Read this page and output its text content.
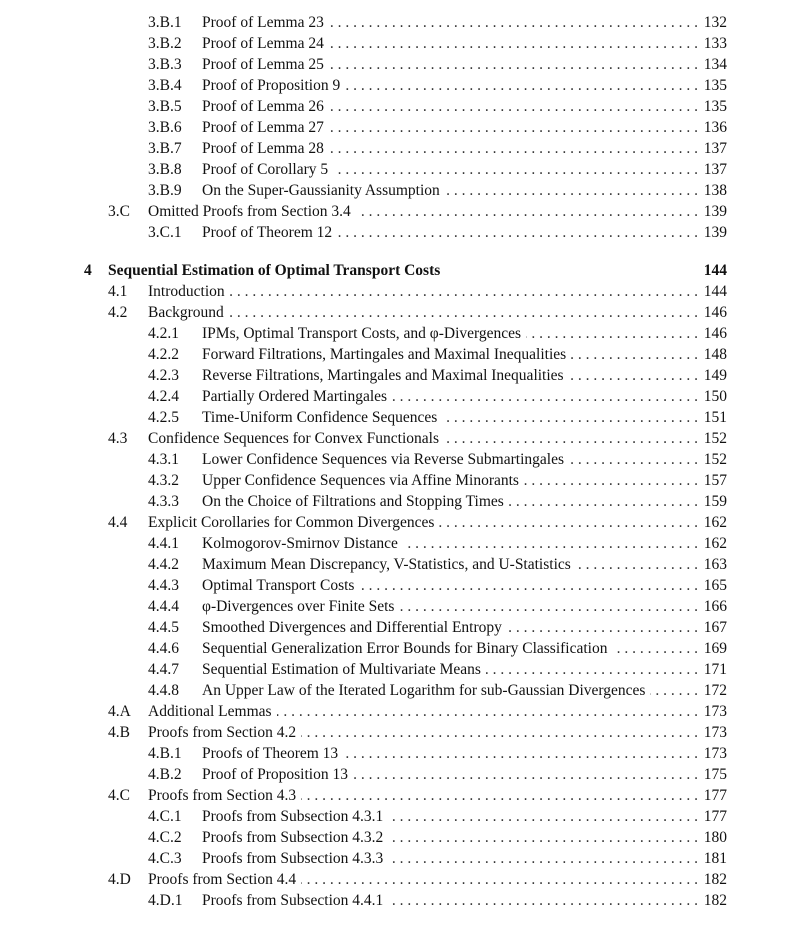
3.B.1 . . . Proof of Lemma 23	132
3.B.2 . . . Proof of Lemma 24	133
3.B.3 . . . Proof of Lemma 25	134
3.B.4 . . . Proof of Proposition 9	135
3.B.5 . . . Proof of Lemma 26	135
3.B.6 . . . Proof of Lemma 27	136
3.B.7 . . . Proof of Lemma 28	137
3.B.8 . . . Proof of Corollary 5	137
3.B.9 . . . On the Super-Gaussianity Assumption	138
3.C . . . Omitted Proofs from Section 3.4	139
3.C.1 . . . Proof of Theorem 12	139
4 Sequential Estimation of Optimal Transport Costs	144
4.1 . . . Introduction	144
4.2 . . . Background	146
4.2.1 . . . IPMs, Optimal Transport Costs, and φ-Divergences	146
4.2.2 . . . Forward Filtrations, Martingales and Maximal Inequalities	148
4.2.3 . . . Reverse Filtrations, Martingales and Maximal Inequalities	149
4.2.4 . . . Partially Ordered Martingales	150
4.2.5 . . . Time-Uniform Confidence Sequences	151
4.3 . . . Confidence Sequences for Convex Functionals	152
4.3.1 . . . Lower Confidence Sequences via Reverse Submartingales	152
4.3.2 . . . Upper Confidence Sequences via Affine Minorants	157
4.3.3 . . . On the Choice of Filtrations and Stopping Times	159
4.4 . . . Explicit Corollaries for Common Divergences	162
4.4.1 . . . Kolmogorov-Smirnov Distance	162
4.4.2 . . . Maximum Mean Discrepancy, V-Statistics, and U-Statistics	163
4.4.3 . . . Optimal Transport Costs	165
4.4.4 . . . φ-Divergences over Finite Sets	166
4.4.5 . . . Smoothed Divergences and Differential Entropy	167
4.4.6 . . . Sequential Generalization Error Bounds for Binary Classification	169
4.4.7 . . . Sequential Estimation of Multivariate Means	171
4.4.8 . . . An Upper Law of the Iterated Logarithm for sub-Gaussian Divergences	172
4.A . . . Additional Lemmas	173
4.B . . . Proofs from Section 4.2	173
4.B.1 . . . Proofs of Theorem 13	173
4.B.2 . . . Proof of Proposition 13	175
4.C . . . Proofs from Section 4.3	177
4.C.1 . . . Proofs from Subsection 4.3.1	177
4.C.2 . . . Proofs from Subsection 4.3.2	180
4.C.3 . . . Proofs from Subsection 4.3.3	181
4.D . . . Proofs from Section 4.4	182
4.D.1 . . . Proofs from Subsection 4.4.1	182
